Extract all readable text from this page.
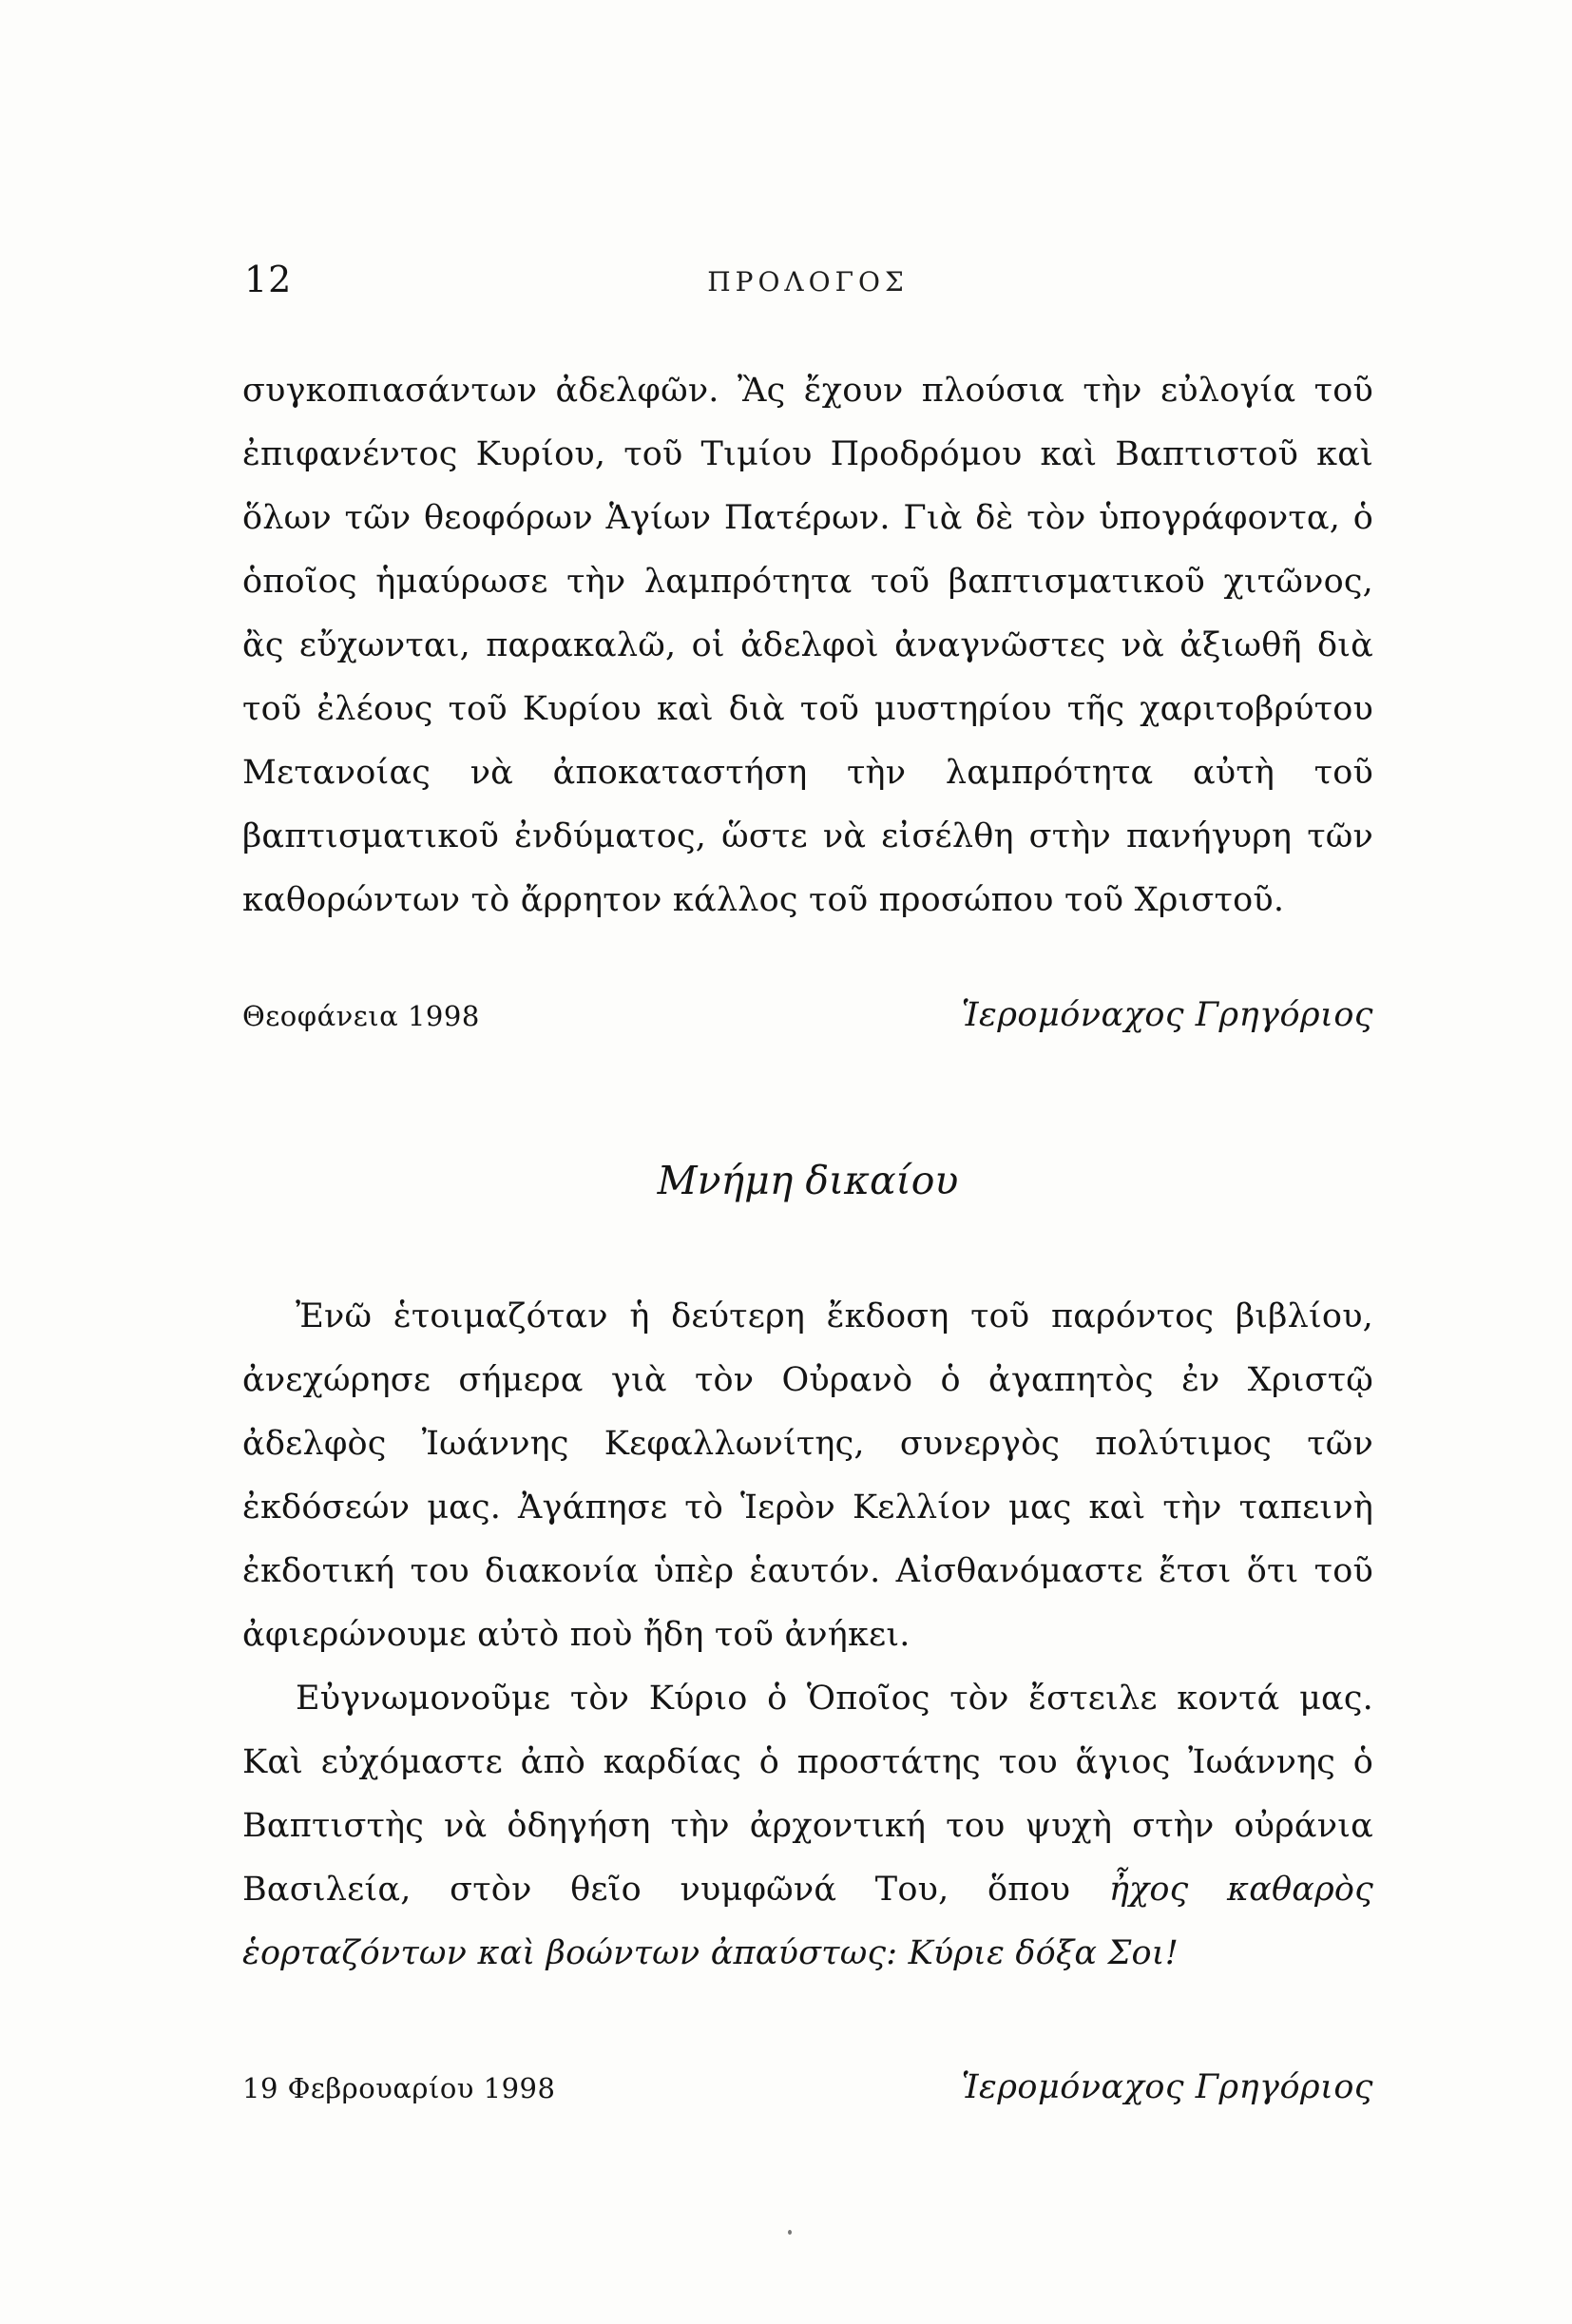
12	ΠΡΟΛΟΓΟΣ

συγκοπιασάντων ἀδελφῶν. Ἂς ἔχουν πλούσια τὴν εὐλογία τοῦ ἐπιφανέντος Κυρίου, τοῦ Τιμίου Προδρόμου καὶ Βαπτιστοῦ καὶ ὅλων τῶν θεοφόρων Ἁγίων Πατέρων. Γιὰ δὲ τὸν ὑπογράφοντα, ὁ ὁποῖος ἡμαύρωσε τὴν λαμπρότητα τοῦ βαπτισματικοῦ χιτῶνος, ἂς εὔχωνται, παρακαλῶ, οἱ ἀδελφοὶ ἀναγνῶστες νὰ ἀξιωθῆ διὰ τοῦ ἐλέους τοῦ Κυρίου καὶ διὰ τοῦ μυστηρίου τῆς χαριτοβρύτου Μετανοίας νὰ ἀποκαταστήση τὴν λαμπρότητα αὐτὴ τοῦ βαπτισματικοῦ ἐνδύματος, ὥστε νὰ εἰσέλθη στὴν πανήγυρη τῶν καθορώντων τὸ ἄρρητον κάλλος τοῦ προσώπου τοῦ Χριστοῦ.

Θεοφάνεια 1998	Ἱερομόναχος Γρηγόριος
Μνήμη δικαίου

Ἐνῶ ἑτοιμαζόταν ἡ δεύτερη ἔκδοση τοῦ παρόντος βιβλίου, ἀνεχώρησε σήμερα γιὰ τὸν Οὐρανὸ ὁ ἀγαπητὸς ἐν Χριστῷ ἀδελφὸς Ἰωάννης Κεφαλλωνίτης, συνεργὸς πολύτιμος τῶν ἐκδόσεών μας. Ἀγάπησε τὸ Ἱερὸν Κελλίον μας καὶ τὴν ταπεινὴ ἐκδοτική του διακονία ὑπὲρ ἑαυτόν. Αἰσθανόμαστε ἔτσι ὅτι τοῦ ἀφιερώνουμε αὐτὸ ποὺ ἤδη τοῦ ἀνήκει.

Εὐγνωμονοῦμε τὸν Κύριο ὁ Ὁποῖος τὸν ἔστειλε κοντά μας. Καὶ εὐχόμαστε ἀπὸ καρδίας ὁ προστάτης του ἅγιος Ἰωάννης ὁ Βαπτιστὴς νὰ ὁδηγήση τὴν ἀρχοντική του ψυχὴ στὴν οὐράνια Βασιλεία, στὸν θεῖο νυμφῶνά Του, ὅπου ἦχος καθαρὸς ἑορταζόντων καὶ βοώντων ἀπαύστως: Κύριε δόξα Σοι!

19 Φεβρουαρίου 1998	Ἱερομόναχος Γρηγόριος
